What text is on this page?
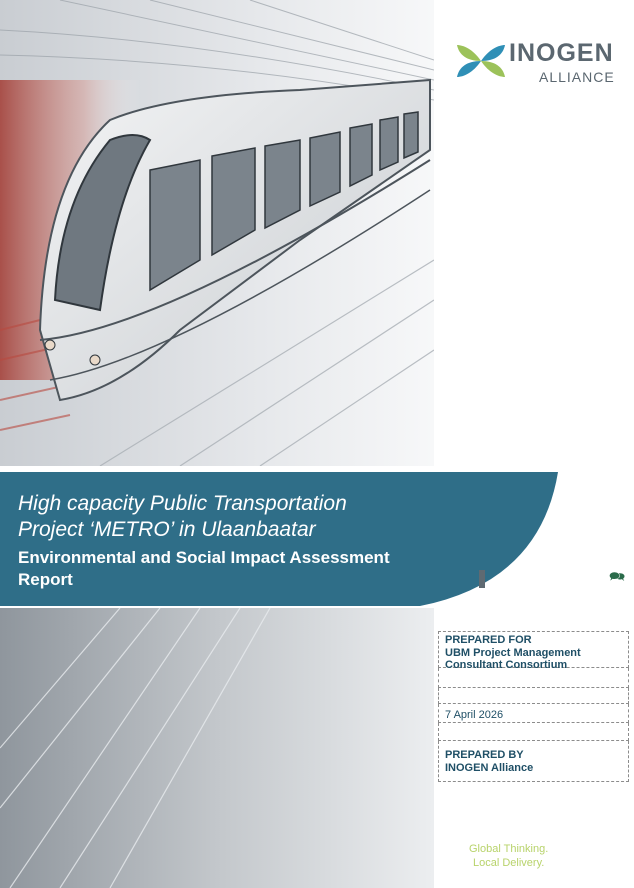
INOGEN
ALLIANCE
High capacity Public Transportation
Project ‘METRO’ in Ulaanbaatar
Environmental and Social Impact Assessment
Report	🗪
PREPARED FOR
UBM Project Management
Consultant Consortium
7 April 2026
PREPARED BY
INOGEN Alliance
Global Thinking.
Local Delivery.
